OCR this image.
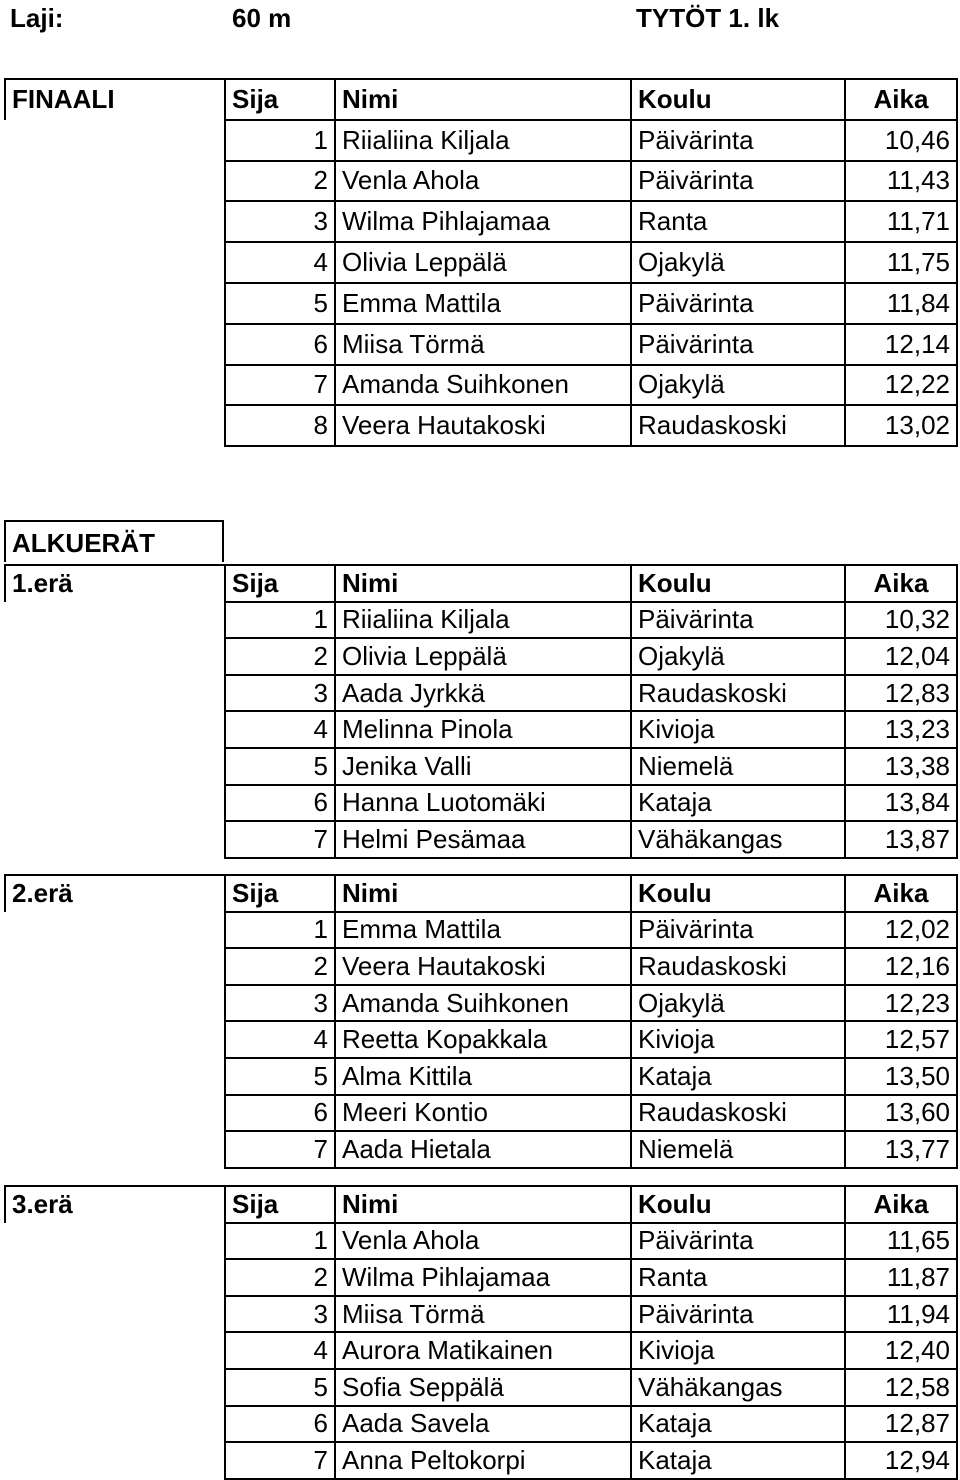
Laji:	60 m	TYTÖT 1. lk
FINAALI	Sija	Nimi	Koulu	Aika
	1	Riialiina Kiljala	Päivärinta	10,46
	2	Venla Ahola	Päivärinta	11,43
	3	Wilma Pihlajamaa	Ranta	11,71
	4	Olivia Leppälä	Ojakylä	11,75
	5	Emma Mattila	Päivärinta	11,84
	6	Miisa Törmä	Päivärinta	12,14
	7	Amanda Suihkonen	Ojakylä	12,22
	8	Veera Hautakoski	Raudaskoski	13,02
ALKUERÄT
1.erä	Sija	Nimi	Koulu	Aika
	1	Riialiina Kiljala	Päivärinta	10,32
	2	Olivia Leppälä	Ojakylä	12,04
	3	Aada Jyrkkä	Raudaskoski	12,83
	4	Melinna Pinola	Kivioja	13,23
	5	Jenika Valli	Niemelä	13,38
	6	Hanna Luotomäki	Kataja	13,84
	7	Helmi Pesämaa	Vähäkangas	13,87
2.erä	Sija	Nimi	Koulu	Aika
	1	Emma Mattila	Päivärinta	12,02
	2	Veera Hautakoski	Raudaskoski	12,16
	3	Amanda Suihkonen	Ojakylä	12,23
	4	Reetta Kopakkala	Kivioja	12,57
	5	Alma Kittila	Kataja	13,50
	6	Meeri Kontio	Raudaskoski	13,60
	7	Aada Hietala	Niemelä	13,77
3.erä	Sija	Nimi	Koulu	Aika
	1	Venla Ahola	Päivärinta	11,65
	2	Wilma Pihlajamaa	Ranta	11,87
	3	Miisa Törmä	Päivärinta	11,94
	4	Aurora Matikainen	Kivioja	12,40
	5	Sofia Seppälä	Vähäkangas	12,58
	6	Aada Savela	Kataja	12,87
	7	Anna Peltokorpi	Kataja	12,94
